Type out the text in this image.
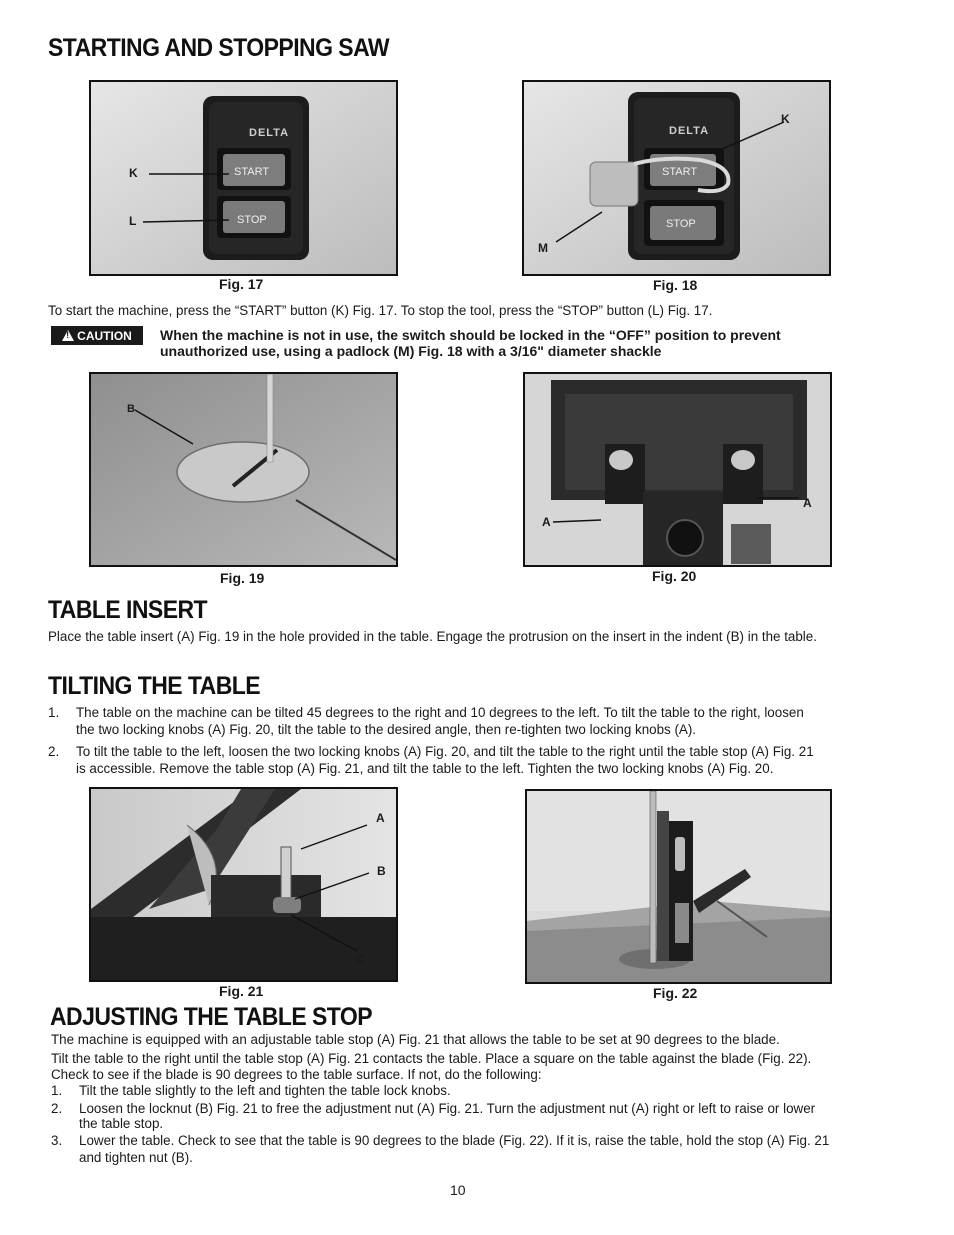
STARTING AND STOPPING SAW
DELTA
START
STOP
K
L
Fig. 17
DELTA
START
STOP
K
M
Fig. 18

To start the machine, press the “START” button (K) Fig. 17. To stop the tool, press the “STOP” button (L) Fig. 17.

!
CAUTION When the machine is not in use, the switch should be locked in the “OFF” position to prevent

unauthorized use, using a padlock (M) Fig. 18 with a 3/16" diameter shackle

B
Fig. 19
A
A
Fig. 20
TABLE INSERT

Place the table insert (A) Fig. 19 in the hole provided in the table. Engage the protrusion on the insert in the indent (B) in the table.

TILTING THE TABLE
1. The table on the machine can be tilted 45 degrees to the right and 10 degrees to the left. To tilt the table to the right, loosen
the two locking knobs (A) Fig. 20, tilt the table to the desired angle, then re-tighten two locking knobs (A).
2. To tilt the table to the left, loosen the two locking knobs (A) Fig. 20, and tilt the table to the right until the table stop (A) Fig. 21
is accessible. Remove the table stop (A) Fig. 21, and tilt the table to the left. Tighten the two locking knobs (A) Fig. 20.
A
B
C
Fig. 21	Fig. 22
ADJUSTING THE TABLE STOP

The machine is equipped with an adjustable table stop (A) Fig. 21 that allows the table to be set at 90 degrees to the blade.

Tilt the table to the right until the table stop (A) Fig. 21 contacts the table. Place a square on the table against the blade (Fig. 22).
Check to see if the blade is 90 degrees to the table surface. If not, do the following:
1. Tilt the table slightly to the left and tighten the table lock knobs.
2. Loosen the locknut (B) Fig. 21 to free the adjustment nut (A) Fig. 21. Turn the adjustment nut (A) right or left to raise or lower
the table stop.
3. Lower the table. Check to see that the table is 90 degrees to the blade (Fig. 22). If it is, raise the table, hold the stop (A) Fig. 21
and tighten nut (B).
10
